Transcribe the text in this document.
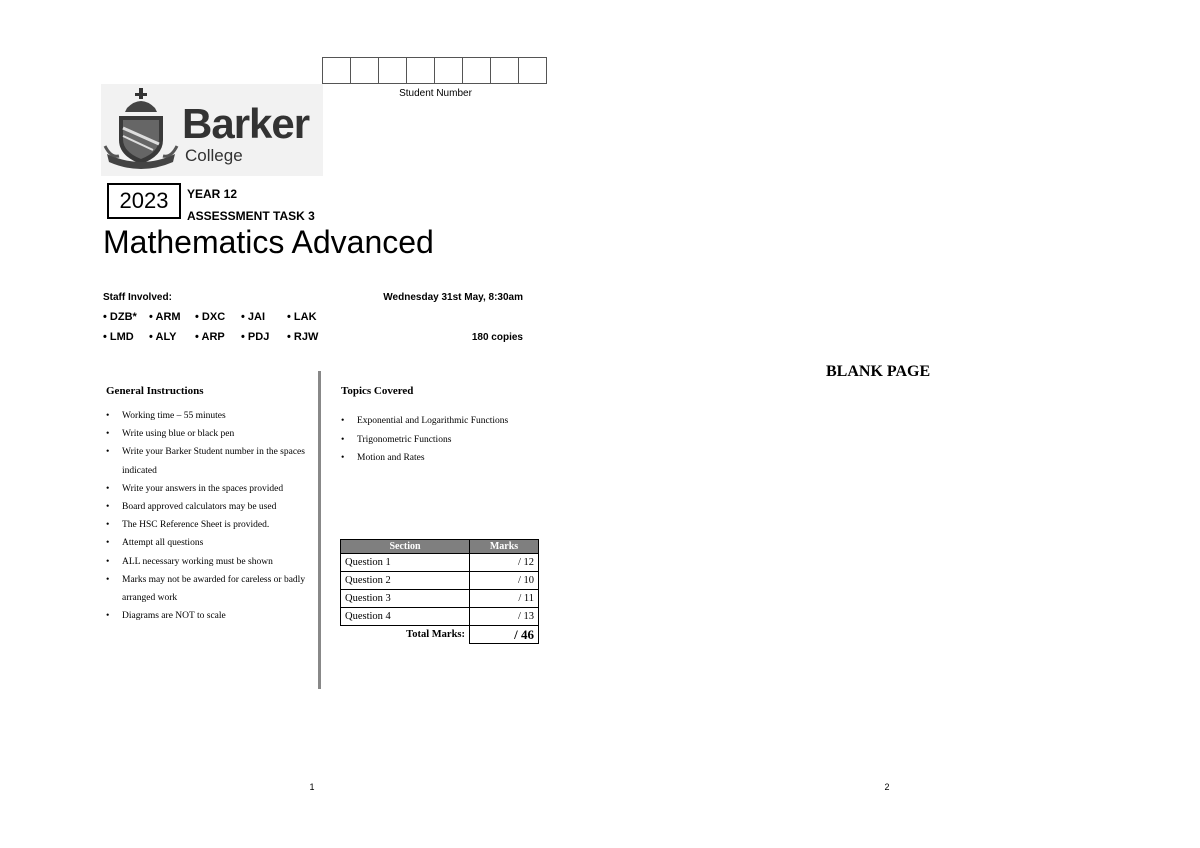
Student Number
Barker
College
2023	YEAR 12
ASSESSMENT TASK 3
Mathematics Advanced
Staff Involved:	Wednesday 31st May, 8:30am
• DZB*	• ARM	• DXC	• JAI	• LAK
• LMD	• ALY	• ARP	• PDJ	• RJW	180 copies
General Instructions
• Working time – 55 minutes
• Write using blue or black pen
• Write your Barker Student number in the spaces indicated
• Write your answers in the spaces provided
• Board approved calculators may be used
• The HSC Reference Sheet is provided.
• Attempt all questions
• ALL necessary working must be shown
• Marks may not be awarded for careless or badly arranged work
• Diagrams are NOT to scale
Topics Covered
• Exponential and Logarithmic Functions
• Trigonometric Functions
• Motion and Rates
Section	Marks
Question 1	/ 12
Question 2	/ 10
Question 3	/ 11
Question 4	/ 13
Total Marks:	/ 46
BLANK PAGE
1	2
